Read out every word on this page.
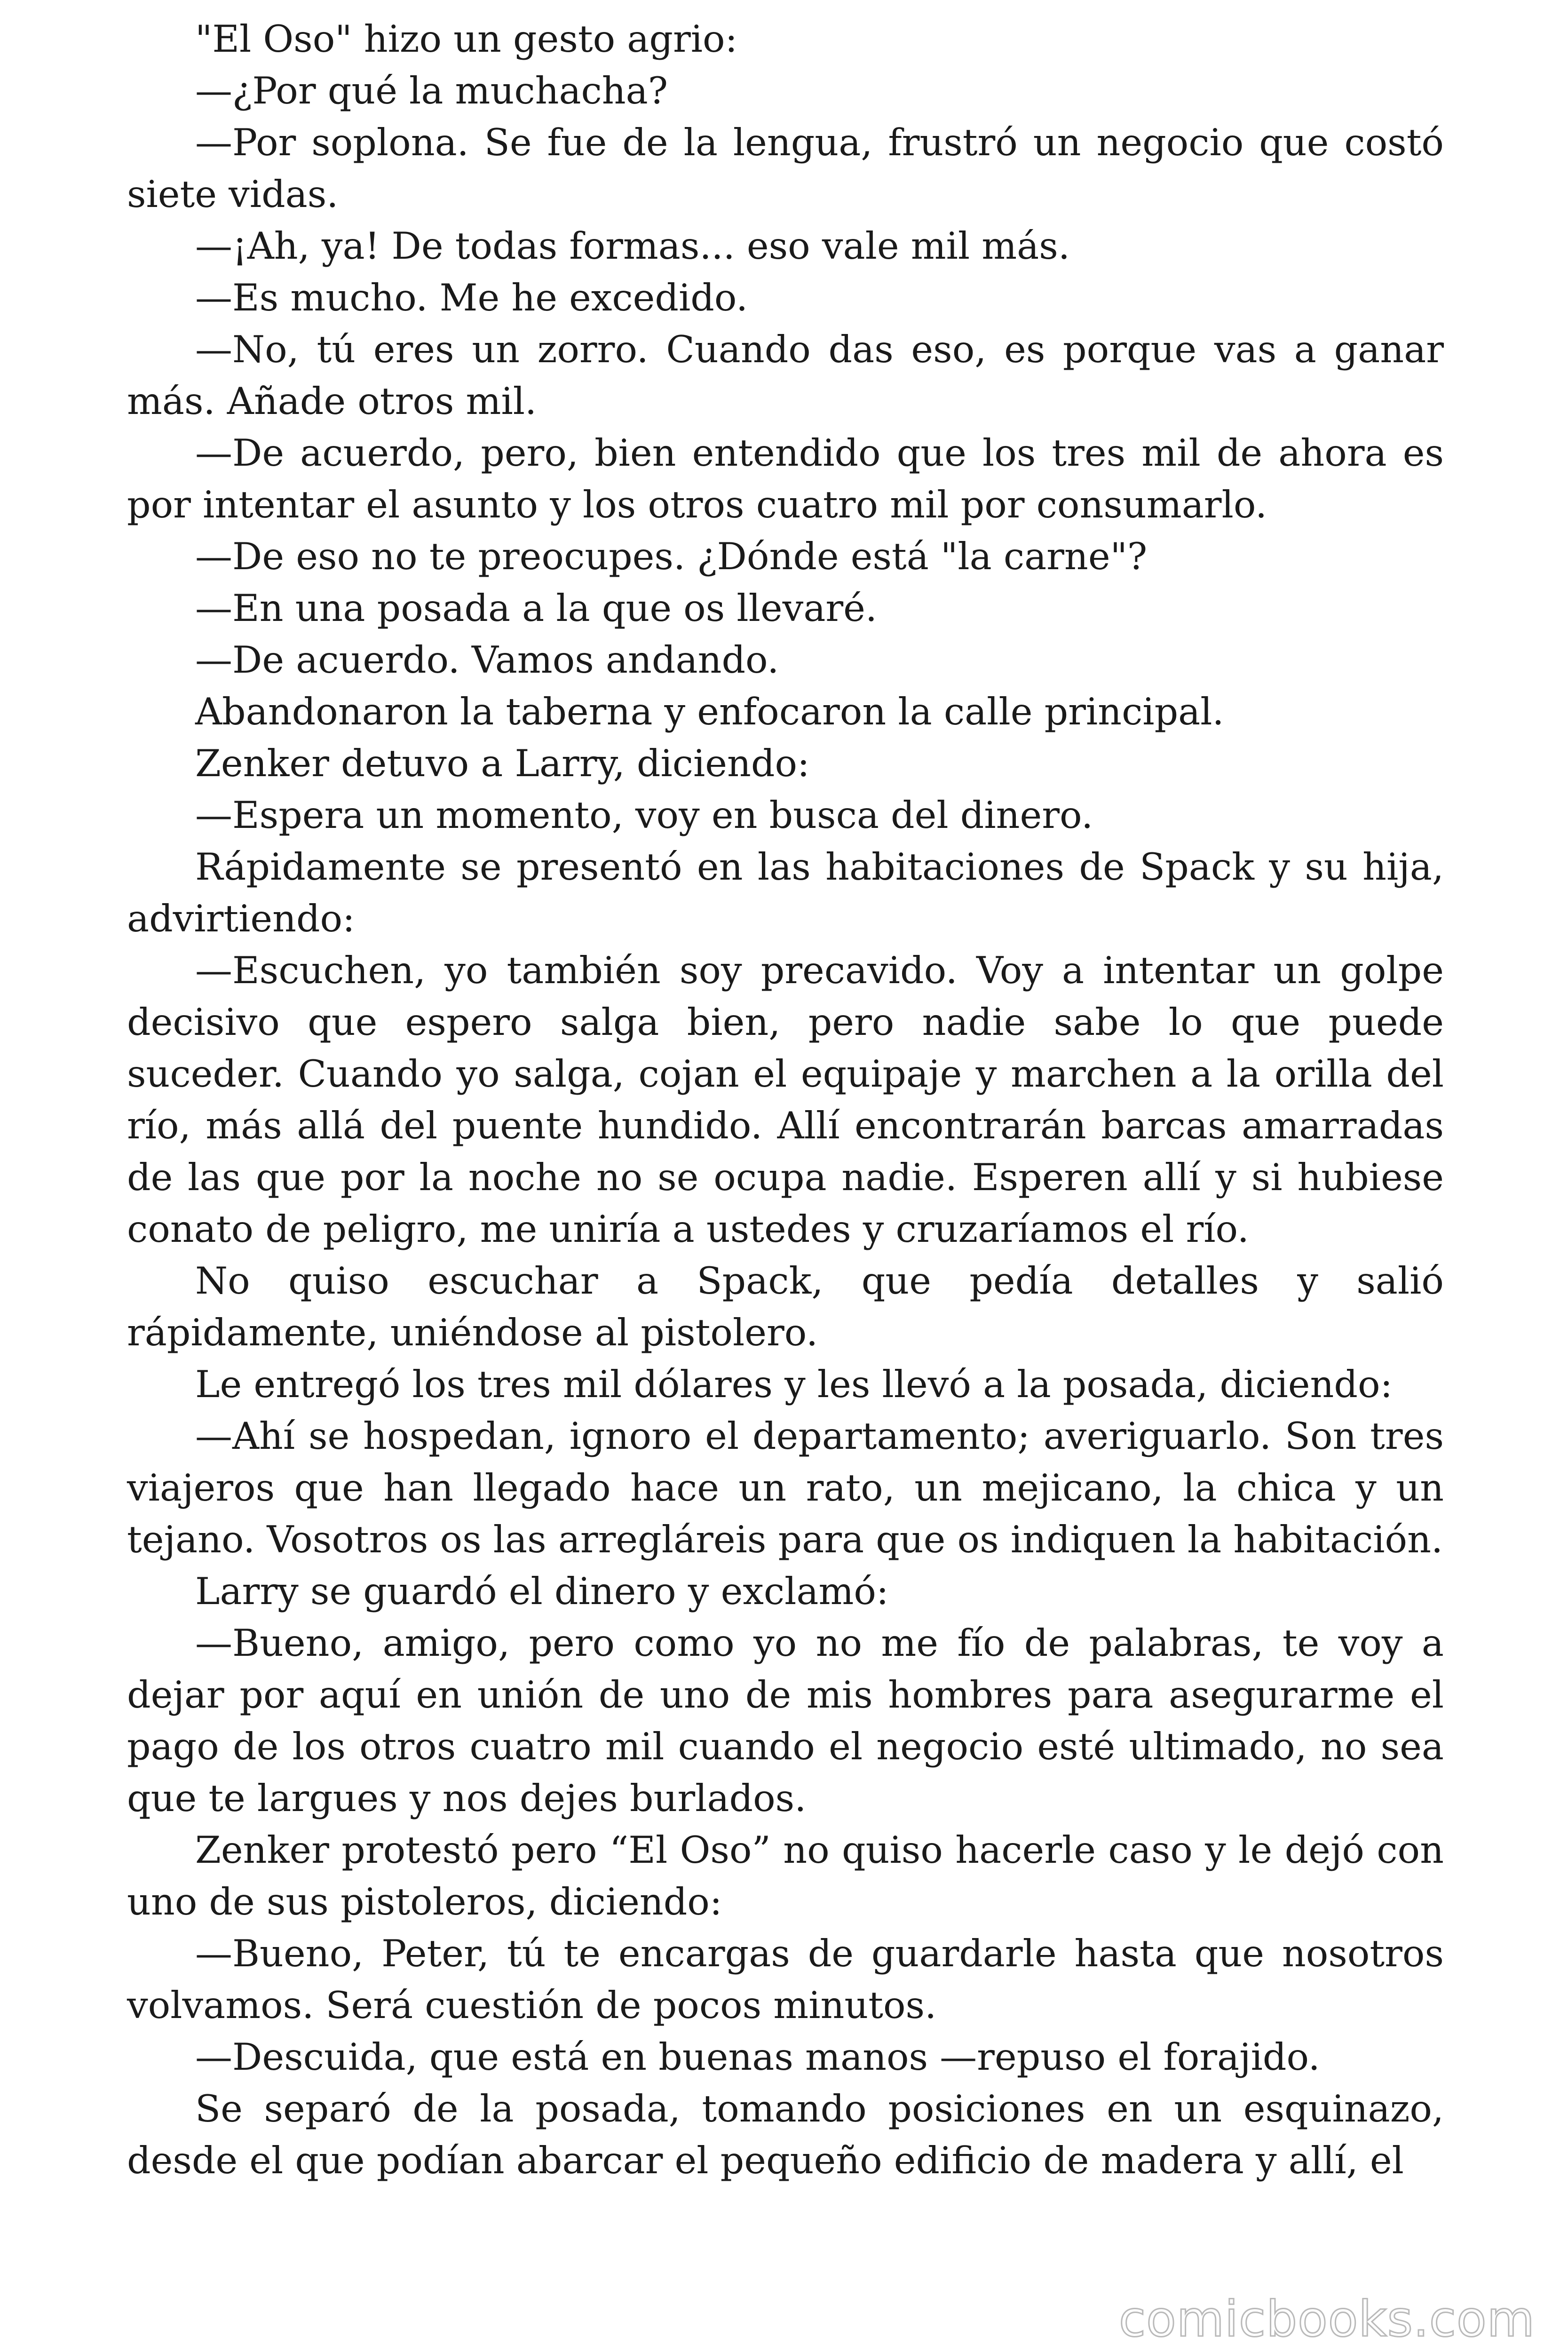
"El Oso" hizo un gesto agrio:

—¿Por qué la muchacha?

—Por soplona. Se fue de la lengua, frustró un negocio que costó siete vidas.

—¡Ah, ya! De todas formas... eso vale mil más.

—Es mucho. Me he excedido.

—No, tú eres un zorro. Cuando das eso, es porque vas a ganar más. Añade otros mil.

—De acuerdo, pero, bien entendido que los tres mil de ahora es por intentar el asunto y los otros cuatro mil por consumarlo.

—De eso no te preocupes. ¿Dónde está "la carne"?

—En una posada a la que os llevaré.

—De acuerdo. Vamos andando.

Abandonaron la taberna y enfocaron la calle principal.

Zenker detuvo a Larry, diciendo:

—Espera un momento, voy en busca del dinero.

Rápidamente se presentó en las habitaciones de Spack y su hija, advirtiendo:

—Escuchen, yo también soy precavido. Voy a intentar un golpe decisivo que espero salga bien, pero nadie sabe lo que puede suceder. Cuando yo salga, cojan el equipaje y marchen a la orilla del río, más allá del puente hundido. Allí encontrarán barcas amarradas de las que por la noche no se ocupa nadie. Esperen allí y si hubiese conato de peligro, me uniría a ustedes y cruzaríamos el río.

No quiso escuchar a Spack, que pedía detalles y salió rápidamente, uniéndose al pistolero.

Le entregó los tres mil dólares y les llevó a la posada, diciendo:

—Ahí se hospedan, ignoro el departamento; averiguarlo. Son tres viajeros que han llegado hace un rato, un mejicano, la chica y un tejano. Vosotros os las arregláreis para que os indiquen la habitación.

Larry se guardó el dinero y exclamó:

—Bueno, amigo, pero como yo no me fío de palabras, te voy a dejar por aquí en unión de uno de mis hombres para asegurarme el pago de los otros cuatro mil cuando el negocio esté ultimado, no sea que te largues y nos dejes burlados.

Zenker protestó pero “El Oso” no quiso hacerle caso y le dejó con uno de sus pistoleros, diciendo:

—Bueno, Peter, tú te encargas de guardarle hasta que nosotros volvamos. Será cuestión de pocos minutos.

—Descuida, que está en buenas manos —repuso el forajido.

Se separó de la posada, tomando posiciones en un esquinazo, desde el que podían abarcar el pequeño edificio de madera y allí, el

comicbooks.com
